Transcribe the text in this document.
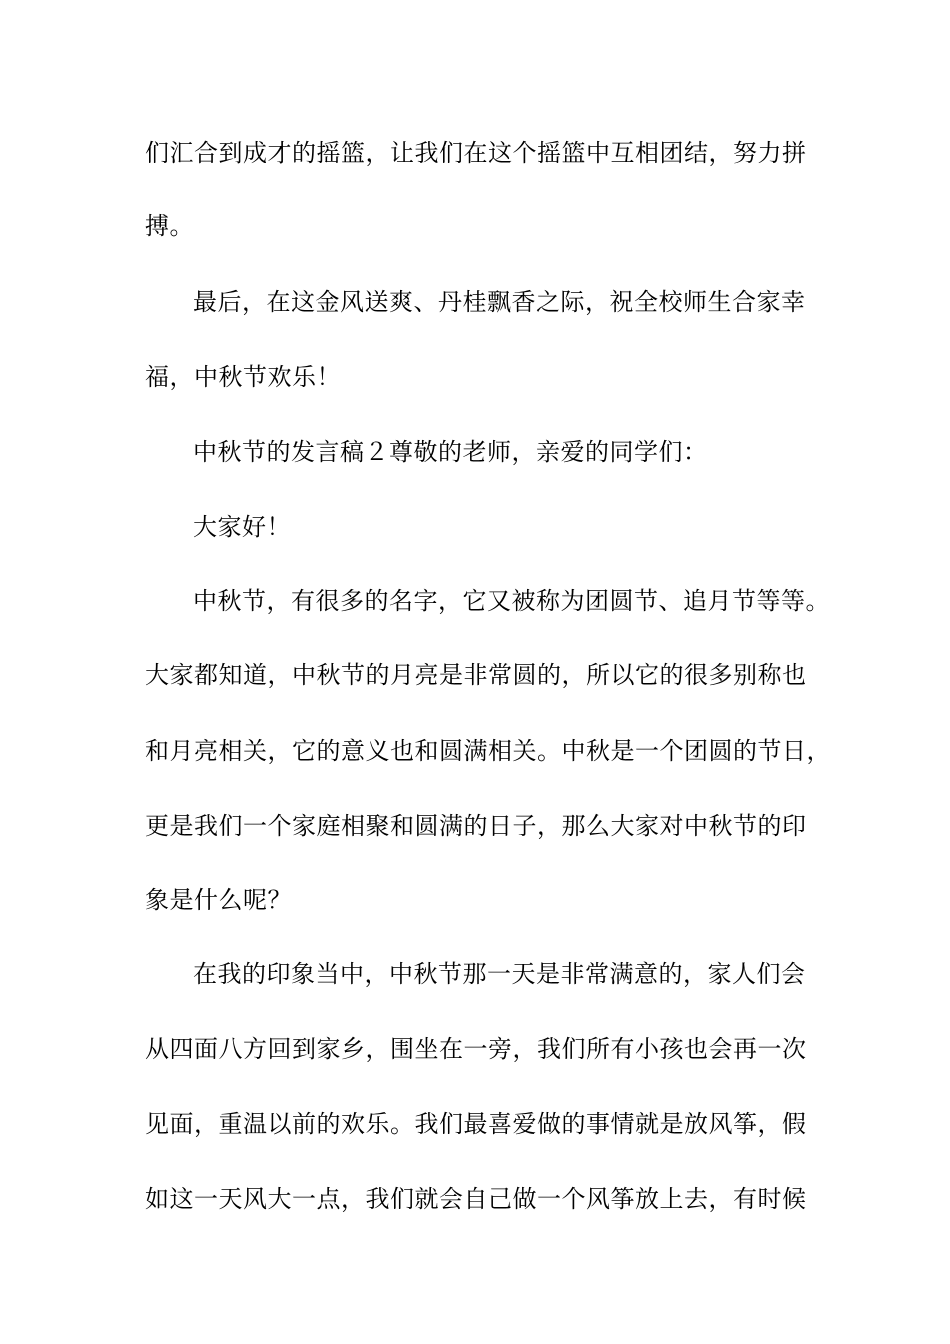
们汇合到成才的摇篮，让我们在这个摇篮中互相团结，努力拼
搏。
最后，在这金风送爽、丹桂飘香之际，祝全校师生合家幸
福，中秋节欢乐！
中秋节的发言稿２尊敬的老师，亲爱的同学们：
大家好！
中秋节，有很多的名字，它又被称为团圆节、追月节等等。
大家都知道，中秋节的月亮是非常圆的，所以它的很多别称也
和月亮相关，它的意义也和圆满相关。中秋是一个团圆的节日，
更是我们一个家庭相聚和圆满的日子，那么大家对中秋节的印
象是什么呢？
在我的印象当中，中秋节那一天是非常满意的，家人们会
从四面八方回到家乡，围坐在一旁，我们所有小孩也会再一次
见面，重温以前的欢乐。我们最喜爱做的事情就是放风筝，假
如这一天风大一点，我们就会自己做一个风筝放上去，有时候
